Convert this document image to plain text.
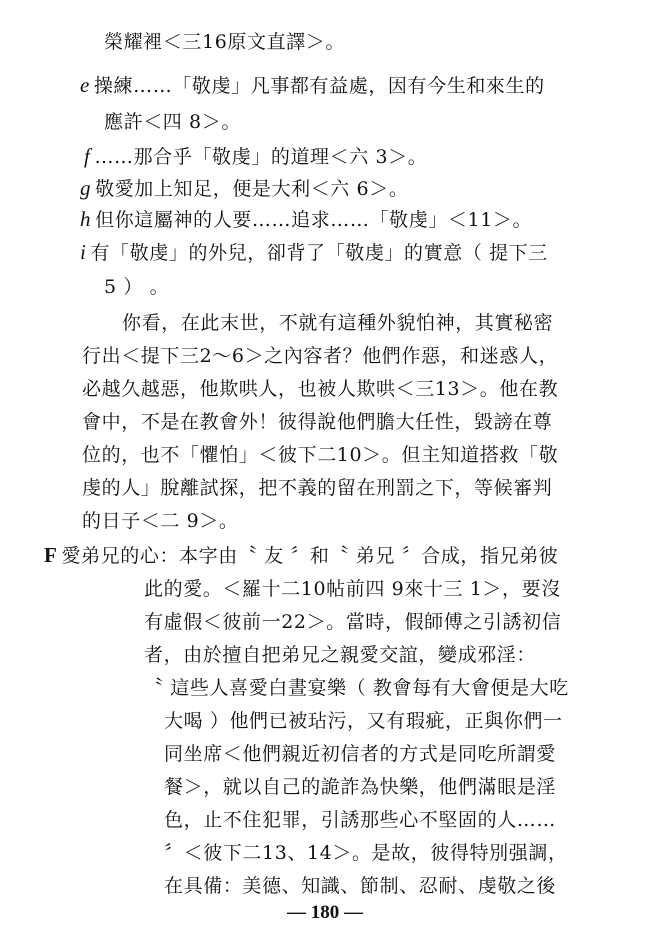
榮耀裡＜三16原文直譯＞。
e 操練……「敬虔」凡事都有益處，因有今生和來生的
應許＜四 8＞。
f ……那合乎「敬虔」的道理＜六 3＞。
g 敬愛加上知足，便是大利＜六 6＞。
h 但你這屬神的人要……追求……「敬虔」＜11＞。
i 有「敬虔」的外兒，卻背了「敬虔」的實意（ 提下三
5 ） 。
你看，在此末世，不就有這種外貌怕神，其實秘密
行出＜提下三2～6＞之內容者？他們作惡，和迷惑人，
必越久越惡，他欺哄人，也被人欺哄＜三13＞。他在教
會中，不是在教會外！彼得說他們膽大任性，毀謗在尊
位的，也不「懼怕」＜彼下二10＞。但主知道搭救「敬
虔的人」脫離試探，把不義的留在刑罰之下，等候審判
的日子＜二 9＞。
F 愛弟兄的心：本字由〝 友 〞和〝 弟兄 〞合成，指兄弟彼
此的愛。＜羅十二10帖前四 9來十三 1＞，要沒
有虛假＜彼前一22＞。當時，假師傅之引誘初信
者，由於擅自把弟兄之親愛交誼，變成邪淫：
〝 這些人喜愛白晝宴樂（ 教會每有大會便是大吃
大喝 ）他們已被玷污，又有瑕疵，正與你們一
同坐席＜他們親近初信者的方式是同吃所謂愛
餐＞，就以自己的詭詐為快樂，他們滿眼是淫
色，止不住犯罪，引誘那些心不堅固的人……
〞＜彼下二13、14＞。是故，彼得特別强調，
在具備：美德、知識、節制、忍耐、虔敬之後
— 180 —
